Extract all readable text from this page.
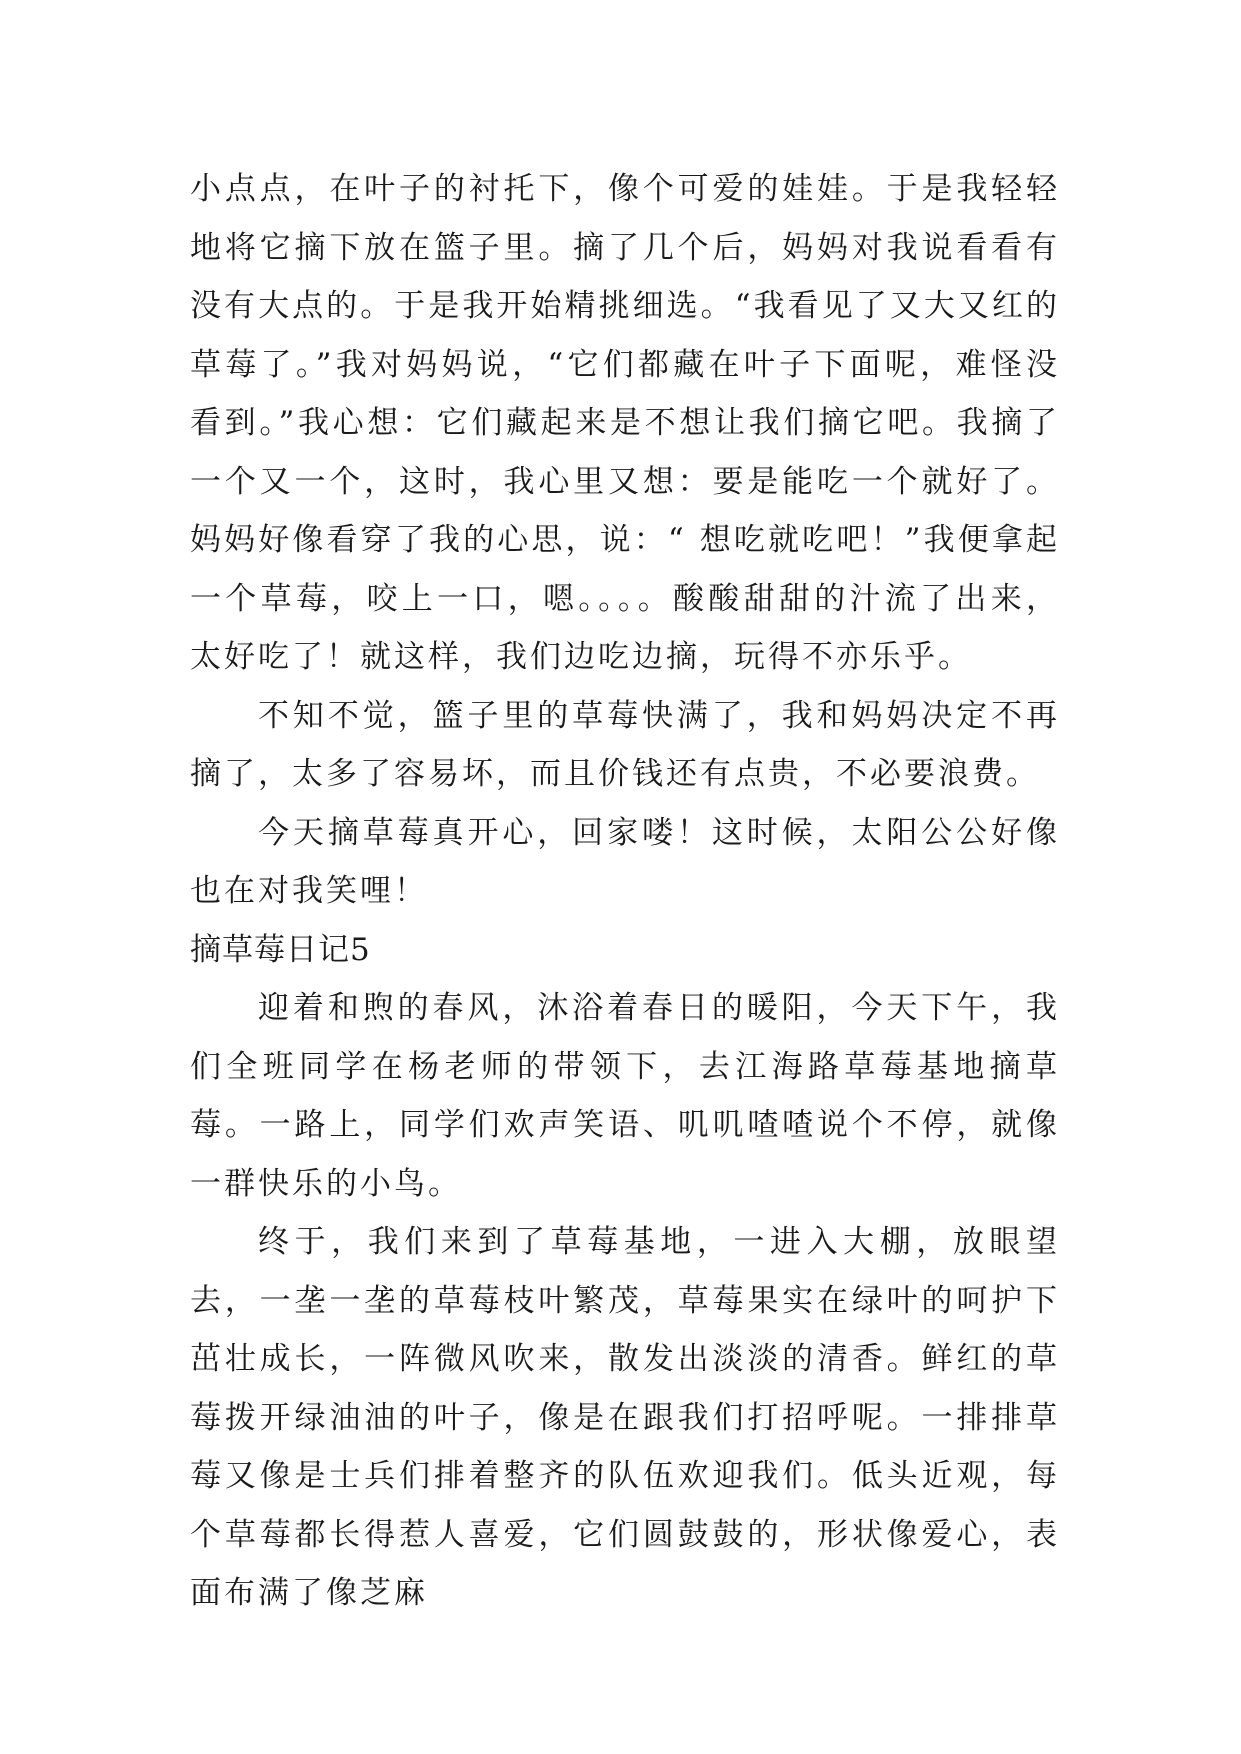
小点点，在叶子的衬托下，像个可爱的娃娃。于是我轻轻地将它摘下放在篮子里。摘了几个后，妈妈对我说看看有没有大点的。于是我开始精挑细选。“我看见了又大又红的草莓了。”我对妈妈说，“它们都藏在叶子下面呢，难怪没看到。”我心想：它们藏起来是不想让我们摘它吧。我摘了一个又一个，这时，我心里又想：要是能吃一个就好了。妈妈好像看穿了我的心思，说：“ 想吃就吃吧！”我便拿起一个草莓，咬上一口，嗯。。。。酸酸甜甜的汁流了出来，太好吃了！就这样，我们边吃边摘，玩得不亦乐乎。

不知不觉，篮子里的草莓快满了，我和妈妈决定不再摘了，太多了容易坏，而且价钱还有点贵，不必要浪费。

今天摘草莓真开心，回家喽！这时候，太阳公公好像也在对我笑哩！

摘草莓日记5

迎着和煦的春风，沐浴着春日的暖阳，今天下午，我们全班同学在杨老师的带领下，去江海路草莓基地摘草莓。一路上，同学们欢声笑语、叽叽喳喳说个不停，就像一群快乐的小鸟。

终于，我们来到了草莓基地，一进入大棚，放眼望去，一垄一垄的草莓枝叶繁茂，草莓果实在绿叶的呵护下茁壮成长，一阵微风吹来，散发出淡淡的清香。鲜红的草莓拨开绿油油的叶子，像是在跟我们打招呼呢。一排排草莓又像是士兵们排着整齐的队伍欢迎我们。低头近观，每个草莓都长得惹人喜爱，它们圆鼓鼓的，形状像爱心，表面布满了像芝麻
